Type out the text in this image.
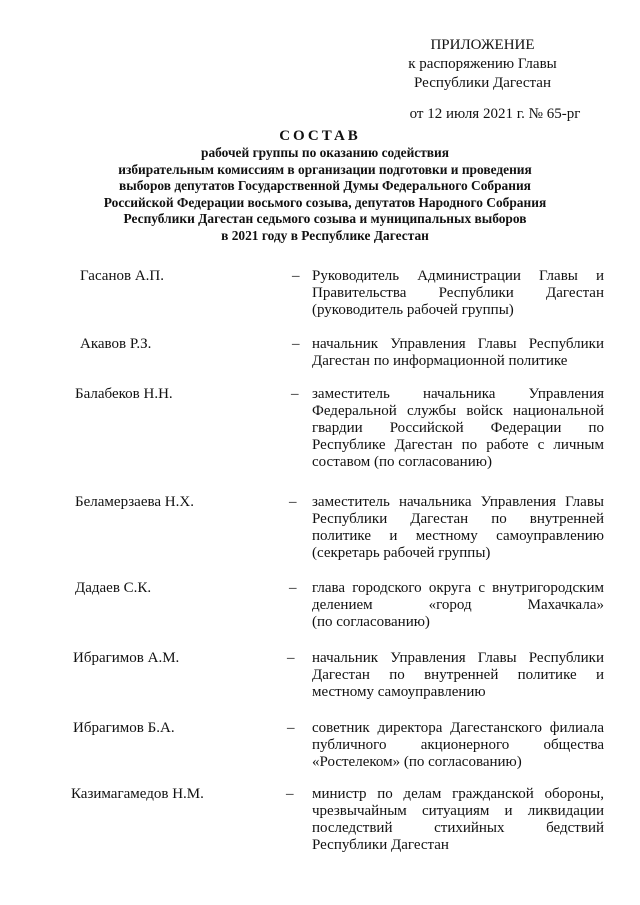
ПРИЛОЖЕНИЕ
к распоряжению Главы
Республики Дагестан
от 12 июля 2021 г. № 65-рг
СОСТАВ
рабочей группы по оказанию содействия
избирательным комиссиям в организации подготовки и проведения
выборов депутатов Государственной Думы Федерального Собрания
Российской Федерации восьмого созыва, депутатов Народного Собрания
Республики Дагестан седьмого созыва и муниципальных выборов
в 2021 году в Республике Дагестан
Гасанов А.П.	– Руководитель Администрации Главы и
Правительства Республики Дагестан
(руководитель рабочей группы)
Акавов Р.З.	– начальник Управления Главы Республики
Дагестан по информационной политике
Балабеков Н.Н.	– заместитель начальника Управления
Федеральной службы войск национальной
гвардии Российской Федерации по
Республике Дагестан по работе с личным
составом (по согласованию)
Беламерзаева Н.Х.	– заместитель начальника Управления Главы
Республики Дагестан по внутренней
политике и местному самоуправлению
(секретарь рабочей группы)
Дадаев С.К.	– глава городского округа с внутригородским
делением «город Махачкала»
(по согласованию)
Ибрагимов А.М.	– начальник Управления Главы Республики
Дагестан по внутренней политике и
местному самоуправлению
Ибрагимов Б.А.	– советник директора Дагестанского филиала
публичного акционерного общества
«Ростелеком» (по согласованию)
Казимагамедов Н.М.	– министр по делам гражданской обороны,
чрезвычайным ситуациям и ликвидации
последствий стихийных бедствий
Республики Дагестан
